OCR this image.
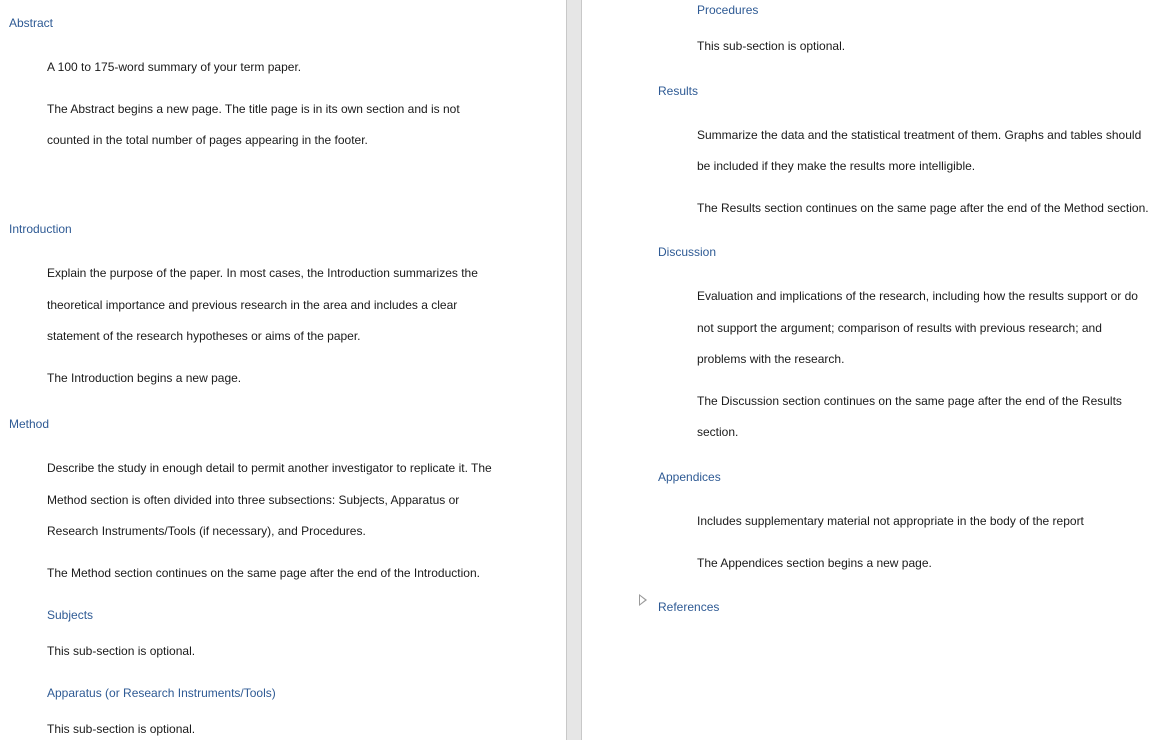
Abstract
A 100 to 175-word summary of your term paper.
The Abstract begins a new page. The title page is in its own section and is not
counted in the total number of pages appearing in the footer.
Introduction
Explain the purpose of the paper. In most cases, the Introduction summarizes the
theoretical importance and previous research in the area and includes a clear
statement of the research hypotheses or aims of the paper.
The Introduction begins a new page.
Method
Describe the study in enough detail to permit another investigator to replicate it. The
Method section is often divided into three subsections: Subjects, Apparatus or
Research Instruments/Tools (if necessary), and Procedures.
The Method section continues on the same page after the end of the Introduction.
Subjects
This sub-section is optional.
Apparatus (or Research Instruments/Tools)
This sub-section is optional.
Procedures
This sub-section is optional.
Results
Summarize the data and the statistical treatment of them. Graphs and tables should
be included if they make the results more intelligible.
The Results section continues on the same page after the end of the Method section.
Discussion
Evaluation and implications of the research, including how the results support or do
not support the argument; comparison of results with previous research; and
problems with the research.
The Discussion section continues on the same page after the end of the Results
section.
Appendices
Includes supplementary material not appropriate in the body of the report
The Appendices section begins a new page.
References
